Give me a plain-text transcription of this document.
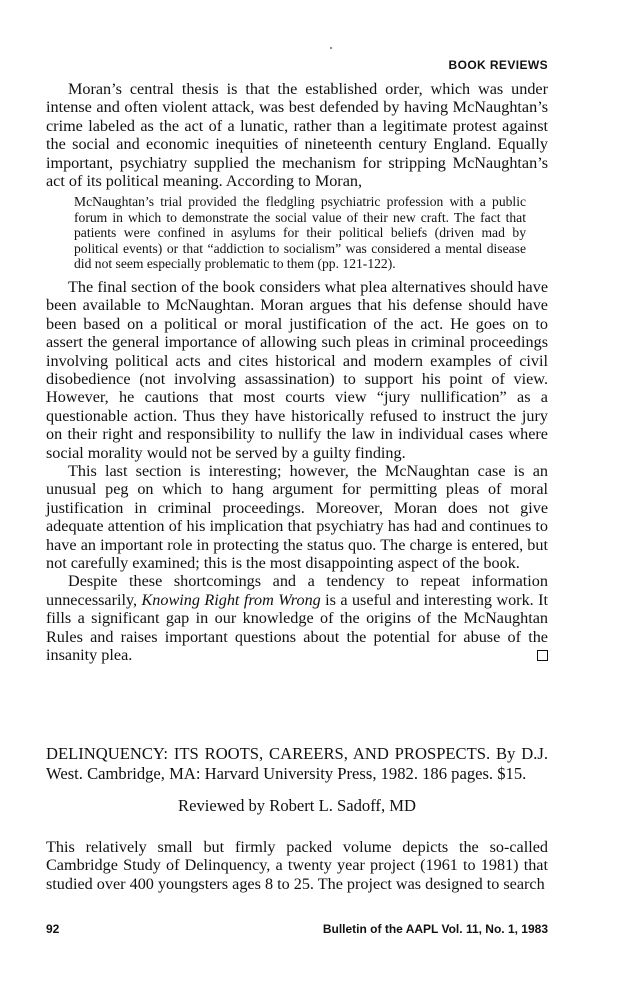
BOOK REVIEWS

Moran’s central thesis is that the established order, which was under intense and often violent attack, was best defended by having McNaughtan’s crime labeled as the act of a lunatic, rather than a legitimate protest against the social and economic inequities of nineteenth century England. Equally important, psychiatry supplied the mechanism for stripping McNaughtan’s act of its political meaning. According to Moran,

McNaughtan’s trial provided the fledgling psychiatric profession with a public forum in which to demonstrate the social value of their new craft. The fact that patients were confined in asylums for their political beliefs (driven mad by political events) or that “addiction to socialism” was considered a mental disease did not seem especially problematic to them (pp. 121-122).

The final section of the book considers what plea alternatives should have been available to McNaughtan. Moran argues that his defense should have been based on a political or moral justification of the act. He goes on to assert the general importance of allowing such pleas in criminal proceedings involving political acts and cites historical and modern examples of civil disobedience (not involving assassination) to support his point of view. However, he cautions that most courts view “jury nullification” as a questionable action. Thus they have historically refused to instruct the jury on their right and responsibility to nullify the law in individual cases where social morality would not be served by a guilty finding.

This last section is interesting; however, the McNaughtan case is an unusual peg on which to hang argument for permitting pleas of moral justification in criminal proceedings. Moreover, Moran does not give adequate attention of his implication that psychiatry has had and continues to have an important role in protecting the status quo. The charge is entered, but not carefully examined; this is the most disappointing aspect of the book.

Despite these shortcomings and a tendency to repeat information unnecessarily, Knowing Right from Wrong is a useful and interesting work. It fills a significant gap in our knowledge of the origins of the McNaughtan Rules and raises important questions about the potential for abuse of the insanity plea.

DELINQUENCY: ITS ROOTS, CAREERS, AND PROSPECTS. By D.J. West. Cambridge, MA: Harvard University Press, 1982. 186 pages. $15.

Reviewed by Robert L. Sadoff, MD

This relatively small but firmly packed volume depicts the so-called Cambridge Study of Delinquency, a twenty year project (1961 to 1981) that studied over 400 youngsters ages 8 to 25. The project was designed to search

92	Bulletin of the AAPL Vol. 11, No. 1, 1983
